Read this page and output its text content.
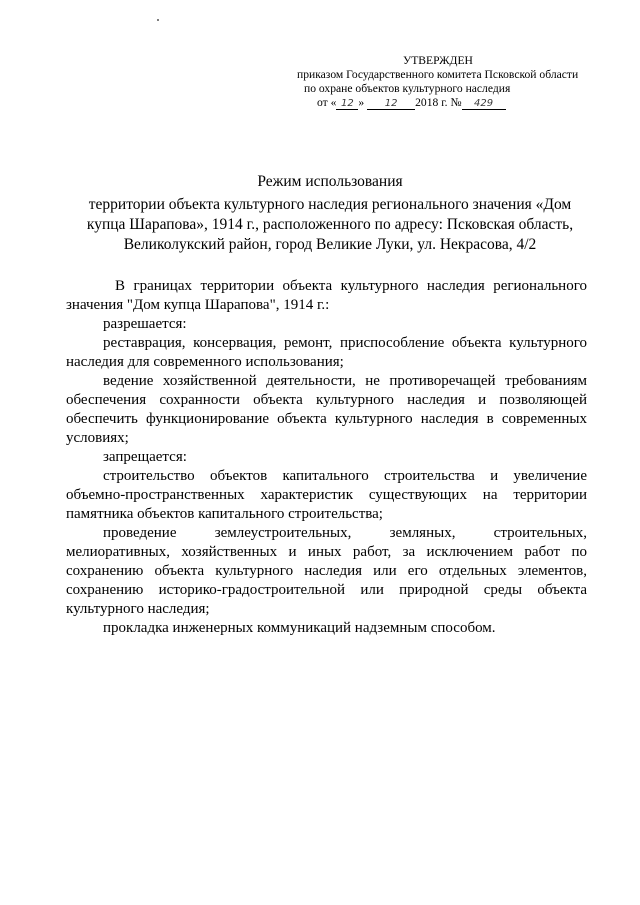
УТВЕРЖДЕН
приказом Государственного комитета Псковской области
по охране объектов культурного наследия
от « 12 » 12 2018 г. № 429
Режим использования
территории объекта культурного наследия регионального значения «Дом
купца Шарапова», 1914 г., расположенного по адресу: Псковская область,
Великолукский район, город Великие Луки, ул. Некрасова, 4/2
В границах территории объекта культурного наследия регионального значения "Дом купца Шарапова", 1914 г.:
разрешается:
реставрация, консервация, ремонт, приспособление объекта культурного наследия для современного использования;
ведение хозяйственной деятельности, не противоречащей требованиям обеспечения сохранности объекта культурного наследия и позволяющей обеспечить функционирование объекта культурного наследия в современных условиях;
запрещается:
строительство объектов капитального строительства и увеличение объемно-пространственных характеристик существующих на территории памятника объектов капитального строительства;
проведение землеустроительных, земляных, строительных, мелиоративных, хозяйственных и иных работ, за исключением работ по сохранению объекта культурного наследия или его отдельных элементов, сохранению историко-градостроительной или природной среды объекта культурного наследия;
прокладка инженерных коммуникаций надземным способом.
